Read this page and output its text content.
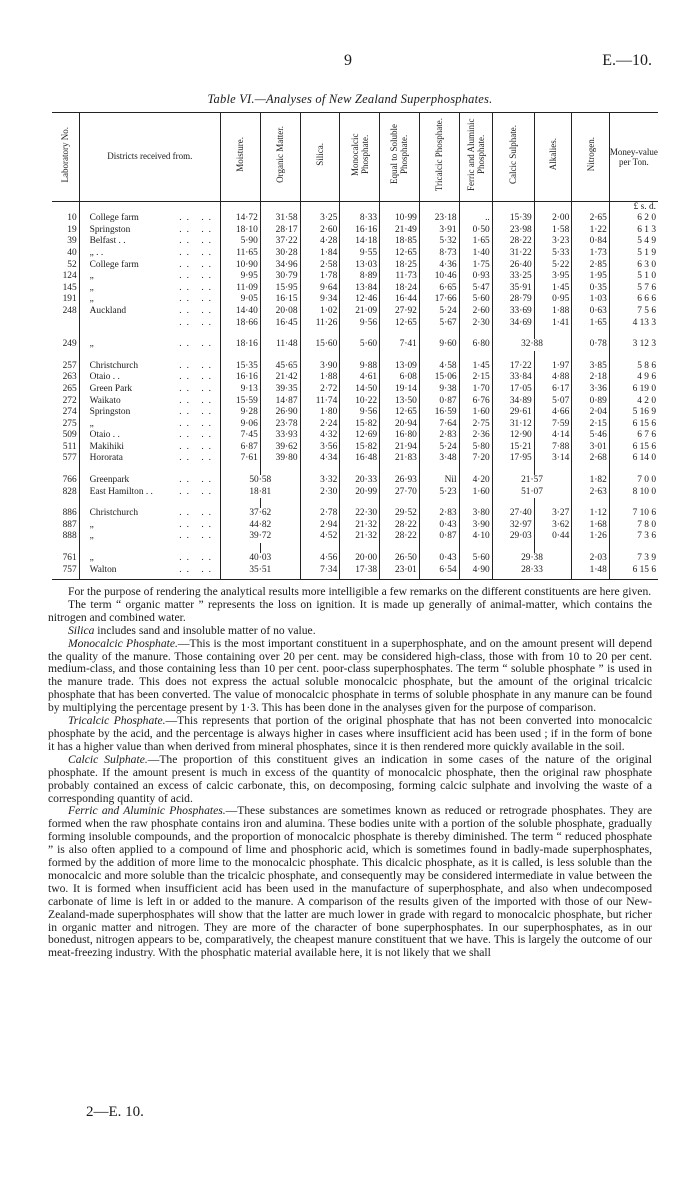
9	E.—10.
Table VI.—Analyses of New Zealand Superphosphates.
Laboratory No.	Districts received from.	Moisture.	Organic Matter.	Silica.	Monocalcic Phosphate.	Equal to Soluble Phosphate.	Tricalcic Phosphate.	Ferric and Aluminic Phosphate.	Calcic Sulphate.	Alkalies.	Nitrogen.	Money-value per Ton.
												£ s. d.
10	College farm .. ..	14·72	31·58	3·25	8·33	10·99	23·18	..	15·39	2·00	2·65	6 2 0
19	Springston .. ..	18·10	28·17	2·60	16·16	21·49	3·91	0·50	23·98	1·58	1·22	6 1 3
39	Belfast . . .. ..	5·90	37·22	4·28	14·18	18·85	5·32	1·65	28·22	3·23	0·84	5 4 9
40	„ . . .. ..	11·65	30·28	1·84	9·55	12·65	8·73	1·40	31·22	5·33	1·73	5 1 9
52	College farm .. ..	10·90	34·96	2·58	13·03	18·25	4·36	1·75	26·40	5·22	2·85	6 3 0
124	„ .. ..	9·95	30·79	1·78	8·89	11·73	10·46	0·93	33·25	3·95	1·95	5 1 0
145	„ .. ..	11·09	15·95	9·64	13·84	18·24	6·65	5·47	35·91	1·45	0·35	5 7 6
191	„ .. ..	9·05	16·15	9·34	12·46	16·44	17·66	5·60	28·79	0·95	1·03	6 6 6
248	Auckland .. ..	14·40	20·08	1·02	21·09	27·92	5·24	2·60	33·69	1·88	0·63	7 5 6

	.. ..	18·66	16·45	11·26	9·56	12·65	5·67	2·30	34·69	1·41	1·65	4 13 3

249	„ .. ..	18·16	11·48	15·60	5·60	7·41	9·60	6·80	32·88		0·78	3 12 3

257	Christchurch .. ..	15·35	45·65	3·90	9·88	13·09	4·58	1·45	17·22	1·97	3·85	5 8 6
263	Otaio . . .. ..	16·16	21·42	1·88	4·61	6·08	15·06	2·15	33·84	4·88	2·18	4 9 6
265	Green Park .. ..	9·13	39·35	2·72	14·50	19·14	9·38	1·70	17·05	6·17	3·36	6 19 0
272	Waikato .. ..	15·59	14·87	11·74	10·22	13·50	0·87	6·76	34·89	5·07	0·89	4 2 0
274	Springston .. ..	9·28	26·90	1·80	9·56	12·65	16·59	1·60	29·61	4·66	2·04	5 16 9
275	„ .. ..	9·06	23·78	2·24	15·82	20·94	7·64	2·75	31·12	7·59	2·15	6 15 6
509	Otaio . . .. ..	7·45	33·93	4·32	12·69	16·80	2·83	2·36	12·90	4·14	5·46	6 7 6
511	Makihiki .. ..	6·87	39·62	3·56	15·82	21·94	5·24	5·80	15·21	7·88	3·01	6 15 6
577	Hororata .. ..	7·61	39·80	4·34	16·48	21·83	3·48	7·20	17·95	3·14	2·68	6 14 0

766	Greenpark .. ..	50·58		3·32	20·33	26·93	Nil	4·20	21·57		1·82	7 0 0
828	East Hamilton . . .. ..	18·81		2·30	20·99	27·70	5·23	1·60	51·07		2·63	8 10 0

886	Christchurch .. ..	37·62		2·78	22·30	29·52	2·83	3·80	27·40	3·27	1·12	7 10 6
887	„ .. ..	44·82		2·94	21·32	28·22	0·43	3·90	32·97	3·62	1·68	7 8 0
888	„ .. ..	39·72		4·52	21·32	28·22	0·87	4·10	29·03	0·44	1·26	7 3 6

761	„ .. ..	40·03		4·56	20·00	26·50	0·43	5·60	29·38		2·03	7 3 9
757	Walton .. ..	35·51		7·34	17·38	23·01	6·54	4·90	28·33		1·48	6 15 6

For the purpose of rendering the analytical results more intelligible a few remarks on the different constituents are here given.

The term “ organic matter ” represents the loss on ignition. It is made up generally of animal-matter, which contains the nitrogen and combined water.

Silica includes sand and insoluble matter of no value.

Monocalcic Phosphate.—This is the most important constituent in a superphosphate, and on the amount present will depend the quality of the manure. Those containing over 20 per cent. may be considered high-class, those with from 10 to 20 per cent. medium-class, and those containing less than 10 per cent. poor-class superphosphates. The term “ soluble phosphate ” is used in the manure trade. This does not express the actual soluble monocalcic phosphate, but the amount of the original tricalcic phosphate that has been converted. The value of monocalcic phosphate in terms of soluble phosphate in any manure can be found by multiplying the percentage present by 1·3. This has been done in the analyses given for the purpose of comparison.

Tricalcic Phosphate.—This represents that portion of the original phosphate that has not been converted into monocalcic phosphate by the acid, and the percentage is always higher in cases where insufficient acid has been used ; if in the form of bone it has a higher value than when derived from mineral phosphates, since it is then rendered more quickly available in the soil.

Calcic Sulphate.—The proportion of this constituent gives an indication in some cases of the nature of the original phosphate. If the amount present is much in excess of the quantity of monocalcic phosphate, then the original raw phosphate probably contained an excess of calcic carbonate, this, on decomposing, forming calcic sulphate and involving the waste of a corresponding quantity of acid.

Ferric and Aluminic Phosphates.—These substances are sometimes known as reduced or retrograde phosphates. They are formed when the raw phosphate contains iron and alumina. These bodies unite with a portion of the soluble phosphate, gradually forming insoluble compounds, and the proportion of monocalcic phosphate is thereby diminished. The term “ reduced phosphate ” is also often applied to a compound of lime and phosphoric acid, which is sometimes found in badly-made superphosphates, formed by the addition of more lime to the monocalcic phosphate. This dicalcic phosphate, as it is called, is less soluble than the monocalcic and more soluble than the tricalcic phosphate, and consequently may be considered intermediate in value between the two. It is formed when insufficient acid has been used in the manufacture of superphosphate, and also when undecomposed carbonate of lime is left in or added to the manure. A comparison of the results given of the imported with those of our New-Zealand-made superphosphates will show that the latter are much lower in grade with regard to monocalcic phosphate, but richer in organic matter and nitrogen. They are more of the character of bone superphosphates. In our superphosphates, as in our bonedust, nitrogen appears to be, comparatively, the cheapest manure constituent that we have. This is largely the outcome of our meat-freezing industry. With the phosphatic material available here, it is not likely that we shall

2—E. 10.
